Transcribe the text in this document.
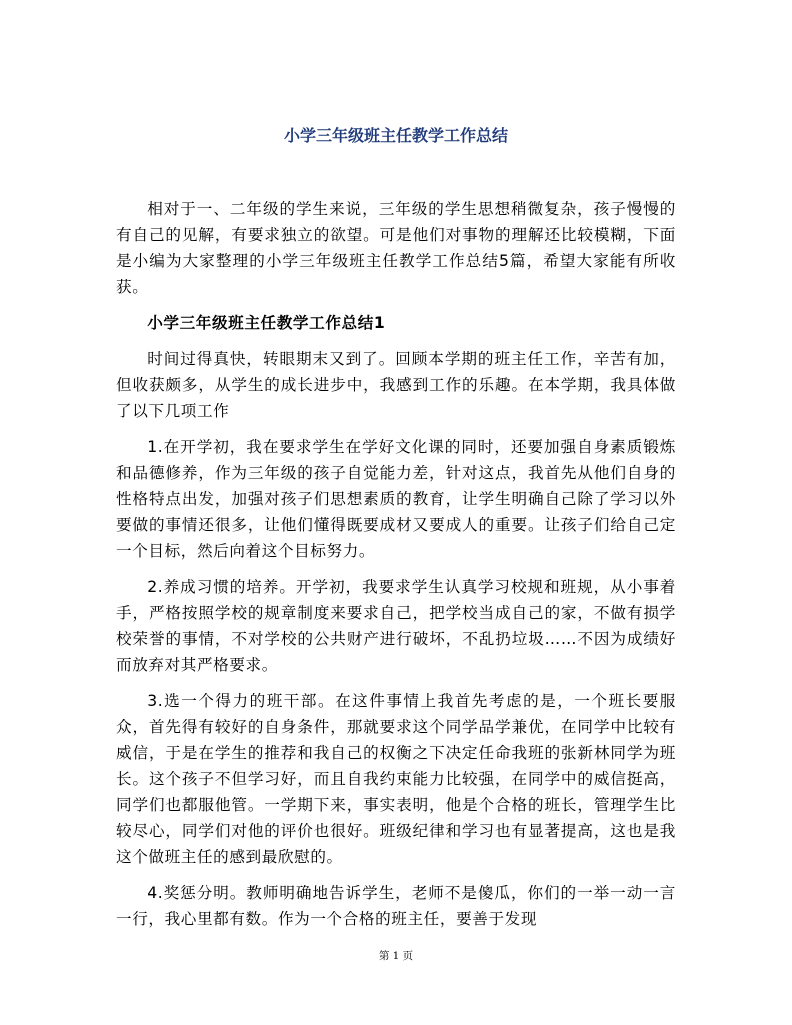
小学三年级班主任教学工作总结

相对于一、二年级的学生来说，三年级的学生思想稍微复杂，孩子慢慢的有自己的见解，有要求独立的欲望。可是他们对事物的理解还比较模糊，下面是小编为大家整理的小学三年级班主任教学工作总结5篇，希望大家能有所收获。

小学三年级班主任教学工作总结1

时间过得真快，转眼期末又到了。回顾本学期的班主任工作，辛苦有加，但收获颇多，从学生的成长进步中，我感到工作的乐趣。在本学期，我具体做了以下几项工作

1.在开学初，我在要求学生在学好文化课的同时，还要加强自身素质锻炼和品德修养，作为三年级的孩子自觉能力差，针对这点，我首先从他们自身的性格特点出发，加强对孩子们思想素质的教育，让学生明确自己除了学习以外要做的事情还很多，让他们懂得既要成材又要成人的重要。让孩子们给自己定一个目标，然后向着这个目标努力。

2.养成习惯的培养。开学初，我要求学生认真学习校规和班规，从小事着手，严格按照学校的规章制度来要求自己，把学校当成自己的家，不做有损学校荣誉的事情，不对学校的公共财产进行破坏，不乱扔垃圾……不因为成绩好而放弃对其严格要求。

3.选一个得力的班干部。在这件事情上我首先考虑的是，一个班长要服众，首先得有较好的自身条件，那就要求这个同学品学兼优，在同学中比较有威信，于是在学生的推荐和我自己的权衡之下决定任命我班的张新林同学为班长。这个孩子不但学习好，而且自我约束能力比较强，在同学中的威信挺高，同学们也都服他管。一学期下来，事实表明，他是个合格的班长，管理学生比较尽心，同学们对他的评价也很好。班级纪律和学习也有显著提高，这也是我这个做班主任的感到最欣慰的。

4.奖惩分明。教师明确地告诉学生，老师不是傻瓜，你们的一举一动一言一行，我心里都有数。作为一个合格的班主任，要善于发现

第 1 页
